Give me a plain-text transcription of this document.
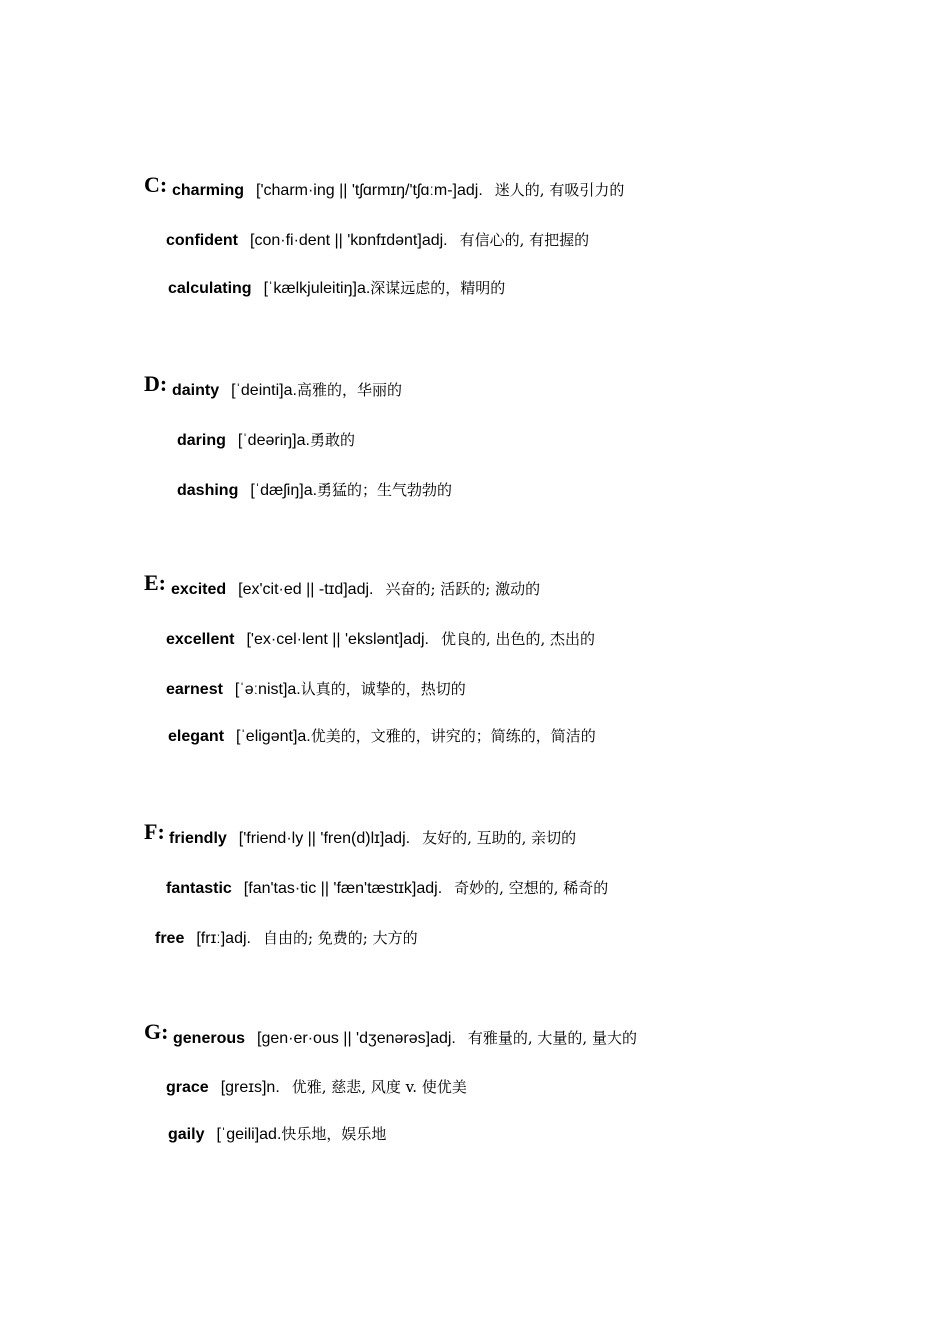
C: charming ['charm·ing || 'tʃɑrmɪŋ/'tʃɑːm-]adj. 迷人的, 有吸引力的
confident [con·fi·dent || 'kɒnfɪdənt]adj. 有信心的, 有把握的
calculating [ˈkælkjuleitiŋ]a.深谋远虑的，精明的
D: dainty [ˈdeinti]a.高雅的，华丽的
daring [ˈdeəriŋ]a.勇敢的
dashing [ˈdæʃiŋ]a.勇猛的；生气勃勃的
E: excited [ex'cit·ed || -tɪd]adj. 兴奋的; 活跃的; 激动的
excellent ['ex·cel·lent || 'ekslənt]adj. 优良的, 出色的, 杰出的
earnest [ˈəːnist]a.认真的，诚挚的，热切的
elegant [ˈeligənt]a.优美的，文雅的，讲究的；简练的，简洁的
F: friendly ['friend·ly || 'fren(d)lɪ]adj. 友好的, 互助的, 亲切的
fantastic [fan'tas·tic || 'fæn'tæstɪk]adj. 奇妙的, 空想的, 稀奇的
free [frɪː]adj. 自由的; 免费的; 大方的
G: generous [gen·er·ous || 'dʒenərəs]adj. 有雅量的, 大量的, 量大的
grace [greɪs]n. 优雅, 慈悲, 风度 v. 使优美
gaily [ˈgeili]ad.快乐地，娱乐地
